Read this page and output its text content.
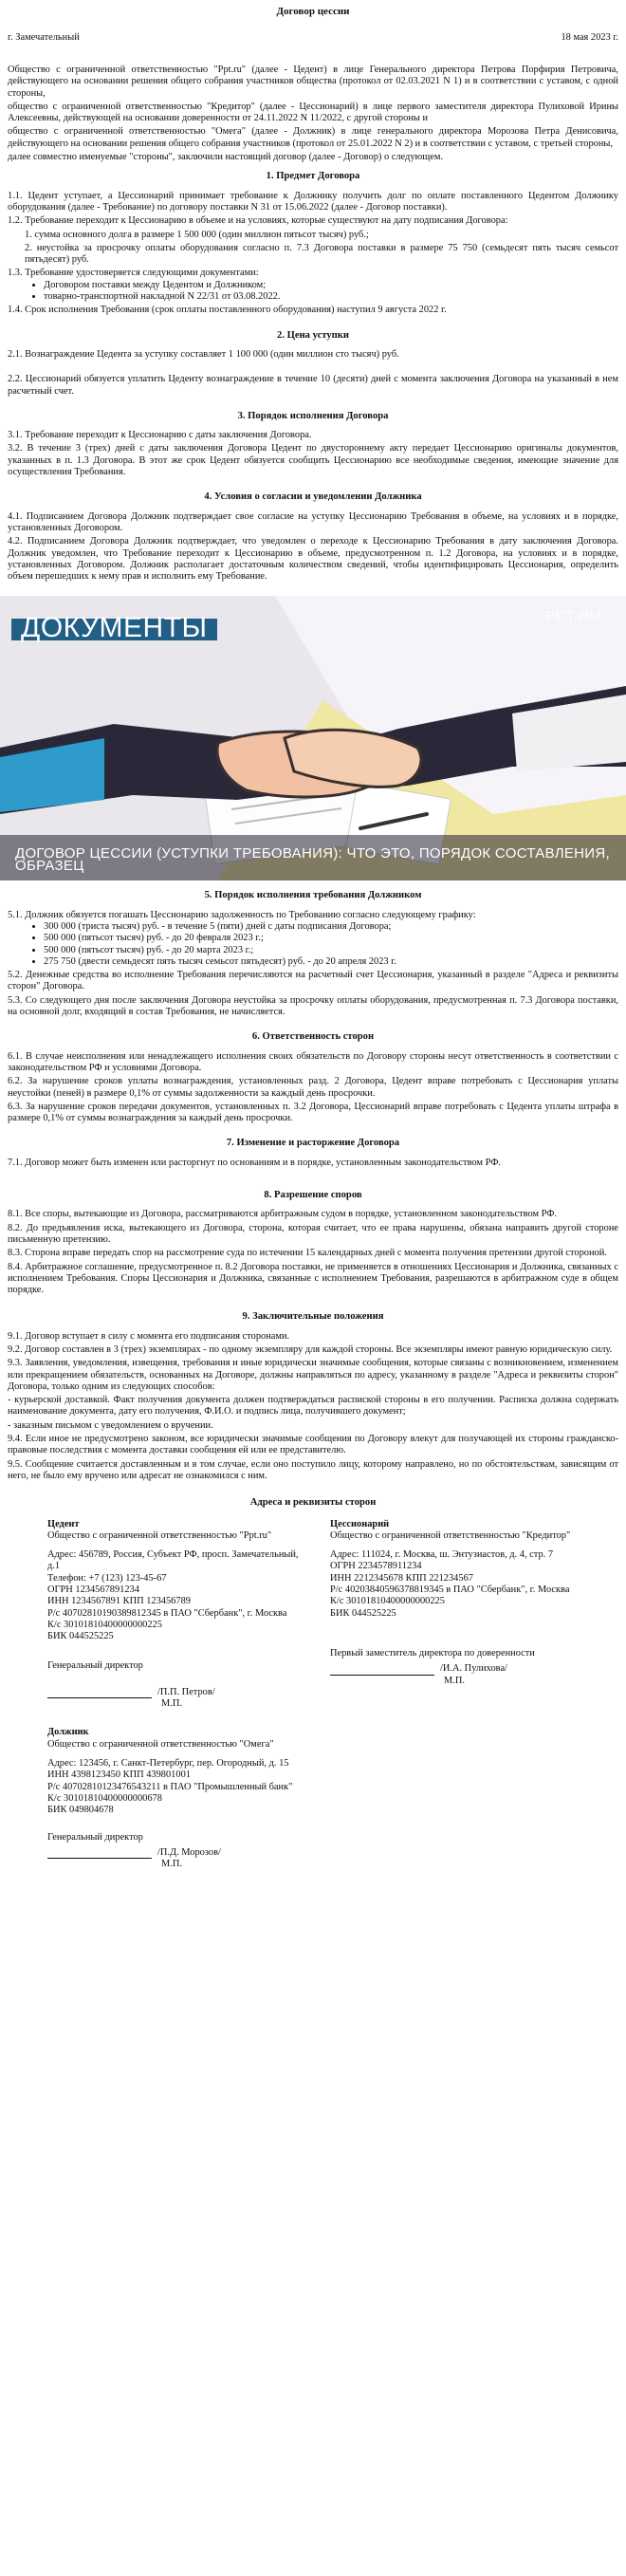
Договор цессии
г. Замечательный	18 мая 2023 г.

Общество с ограниченной ответственностью "Ppt.ru" (далее - Цедент) в лице Генерального директора Петрова Порфирия Петровича, действующего на основании решения общего собрания участников общества (протокол от 02.03.2021 N 1) и в соответствии с уставом, с одной стороны,

общество с ограниченной ответственностью "Кредитор" (далее - Цессионарий) в лице первого заместителя директора Пулиховой Ирины Алексеевны, действующей на основании доверенности от 24.11.2022 N 11/2022, с другой стороны и

общество с ограниченной ответственностью "Омега" (далее - Должник) в лице генерального директора Морозова Петра Денисовича, действующего на основании решения общего собрания участников (протокол от 25.01.2022 N 2) и в соответствии с уставом, с третьей стороны,

далее совместно именуемые "стороны", заключили настоящий договор (далее - Договор) о следующем.

1. Предмет Договора

1.1. Цедент уступает, а Цессионарий принимает требование к Должнику получить долг по оплате поставленного Цедентом Должнику оборудования (далее - Требование) по договору поставки N 31 от 15.06.2022 (далее - Договор поставки).

1.2. Требование переходит к Цессионарию в объеме и на условиях, которые существуют на дату подписания Договора:

1. сумма основного долга в размере 1 500 000 (один миллион пятьсот тысяч) руб.;

2. неустойка за просрочку оплаты оборудования согласно п. 7.3 Договора поставки в размере 75 750 (семьдесят пять тысяч семьсот пятьдесят) руб.

1.3. Требование удостоверяется следующими документами:

• Договором поставки между Цедентом и Должником;
• товарно-транспортной накладной N 22/31 от 03.08.2022.

1.4. Срок исполнения Требования (срок оплаты поставленного оборудования) наступил 9 августа 2022 г.

2. Цена уступки

2.1. Вознаграждение Цедента за уступку составляет 1 100 000 (один миллион сто тысяч) руб.

2.2. Цессионарий обязуется уплатить Цеденту вознаграждение в течение 10 (десяти) дней с момента заключения Договора на указанный в нем расчетный счет.

3. Порядок исполнения Договора

3.1. Требование переходит к Цессионарию с даты заключения Договора.

3.2. В течение 3 (трех) дней с даты заключения Договора Цедент по двустороннему акту передает Цессионарию оригиналы документов, указанных в п. 1.3 Договора. В этот же срок Цедент обязуется сообщить Цессионарию все необходимые сведения, имеющие значение для осуществления Требования.

4. Условия о согласии и уведомлении Должника

4.1. Подписанием Договора Должник подтверждает свое согласие на уступку Цессионарию Требования в объеме, на условиях и в порядке, установленных Договором.

4.2. Подписанием Договора Должник подтверждает, что уведомлен о переходе к Цессионарию Требования в дату заключения Договора. Должник уведомлен, что Требование переходит к Цессионарию в объеме, предусмотренном п. 1.2 Договора, на условиях и в порядке, установленных Договором. Должник располагает достаточным количеством сведений, чтобы идентифицировать Цессионария, определить объем перешедших к нему прав и исполнить ему Требование.

ДОКУМЕНТЫ	PPT.RU
ДОГОВОР ЦЕССИИ (УСТУПКИ ТРЕБОВАНИЯ): ЧТО ЭТО, ПОРЯДОК СОСТАВЛЕНИЯ, ОБРАЗЕЦ
5. Порядок исполнения требования Должником

5.1. Должник обязуется погашать Цессионарию задолженность по Требованию согласно следующему графику:

• 300 000 (триста тысяч) руб. - в течение 5 (пяти) дней с даты подписания Договора;
• 500 000 (пятьсот тысяч) руб. - до 20 февраля 2023 г.;
• 500 000 (пятьсот тысяч) руб. - до 20 марта 2023 г.;
• 275 750 (двести семьдесят пять тысяч семьсот пятьдесят) руб. - до 20 апреля 2023 г.

5.2. Денежные средства во исполнение Требования перечисляются на расчетный счет Цессионария, указанный в разделе "Адреса и реквизиты сторон" Договора.

5.3. Со следующего дня после заключения Договора неустойка за просрочку оплаты оборудования, предусмотренная п. 7.3 Договора поставки, на основной долг, входящий в состав Требования, не начисляется.

6. Ответственность сторон

6.1. В случае неисполнения или ненадлежащего исполнения своих обязательств по Договору стороны несут ответственность в соответствии с законодательством РФ и условиями Договора.

6.2. За нарушение сроков уплаты вознаграждения, установленных разд. 2 Договора, Цедент вправе потребовать с Цессионария уплаты неустойки (пеней) в размере 0,1% от суммы задолженности за каждый день просрочки.

6.3. За нарушение сроков передачи документов, установленных п. 3.2 Договора, Цессионарий вправе потребовать с Цедента уплаты штрафа в размере 0,1% от суммы вознаграждения за каждый день просрочки.

7. Изменение и расторжение Договора

7.1. Договор может быть изменен или расторгнут по основаниям и в порядке, установленным законодательством РФ.

8. Разрешение споров

8.1. Все споры, вытекающие из Договора, рассматриваются арбитражным судом в порядке, установленном законодательством РФ.

8.2. До предъявления иска, вытекающего из Договора, сторона, которая считает, что ее права нарушены, обязана направить другой стороне письменную претензию.

8.3. Сторона вправе передать спор на рассмотрение суда по истечении 15 календарных дней с момента получения претензии другой стороной.

8.4. Арбитражное соглашение, предусмотренное п. 8.2 Договора поставки, не применяется в отношениях Цессионария и Должника, связанных с исполнением Требования. Споры Цессионария и Должника, связанные с исполнением Требования, разрешаются в арбитражном суде в общем порядке.

9. Заключительные положения

9.1. Договор вступает в силу с момента его подписания сторонами.

9.2. Договор составлен в 3 (трех) экземплярах - по одному экземпляру для каждой стороны. Все экземпляры имеют равную юридическую силу.

9.3. Заявления, уведомления, извещения, требования и иные юридически значимые сообщения, которые связаны с возникновением, изменением или прекращением обязательств, основанных на Договоре, должны направляться по адресу, указанному в разделе "Адреса и реквизиты сторон" Договора, только одним из следующих способов:

- курьерской доставкой. Факт получения документа должен подтверждаться распиской стороны в его получении. Расписка должна содержать наименование документа, дату его получения, Ф.И.О. и подпись лица, получившего документ;

- заказным письмом с уведомлением о вручении.

9.4. Если иное не предусмотрено законом, все юридически значимые сообщения по Договору влекут для получающей их стороны гражданско-правовые последствия с момента доставки сообщения ей или ее представителю.

9.5. Сообщение считается доставленным и в том случае, если оно поступило лицу, которому направлено, но по обстоятельствам, зависящим от него, не было ему вручено или адресат не ознакомился с ним.

Адреса и реквизиты сторон

Цедент

Общество с ограниченной ответственностью "Ppt.ru"

Адрес: 456789, Россия, Субъект РФ, просп. Замечательный, д.1

Телефон: +7 (123) 123-45-67

ОГРН 1234567891234

ИНН 1234567891 КПП 123456789

Р/с 40702810190389812345 в ПАО "Сбербанк", г. Москва

К/с 30101810400000000225

БИК 044525225

Генеральный директор

/П.П. Петров/

М.П.

Цессионарий

Общество с ограниченной ответственностью "Кредитор"

Адрес: 111024, г. Москва, ш. Энтузиастов, д. 4, стр. 7

ОГРН 2234578911234

ИНН 2212345678 КПП 221234567

Р/с 40203840596378819345 в ПАО "Сбербанк", г. Москва

К/с 30101810400000000225

БИК 044525225

Первый заместитель директора по доверенности

/И.А. Пулихова/

М.П.

Должник

Общество с ограниченной ответственностью "Омега"

Адрес: 123456, г. Санкт-Петербург, пер. Огородный, д. 15

ИНН 4398123450 КПП 439801001

Р/с 40702810123476543211 в ПАО "Промышленный банк"

К/с 30101810400000000678

БИК 049804678

Генеральный директор

/П.Д. Морозов/

М.П.
